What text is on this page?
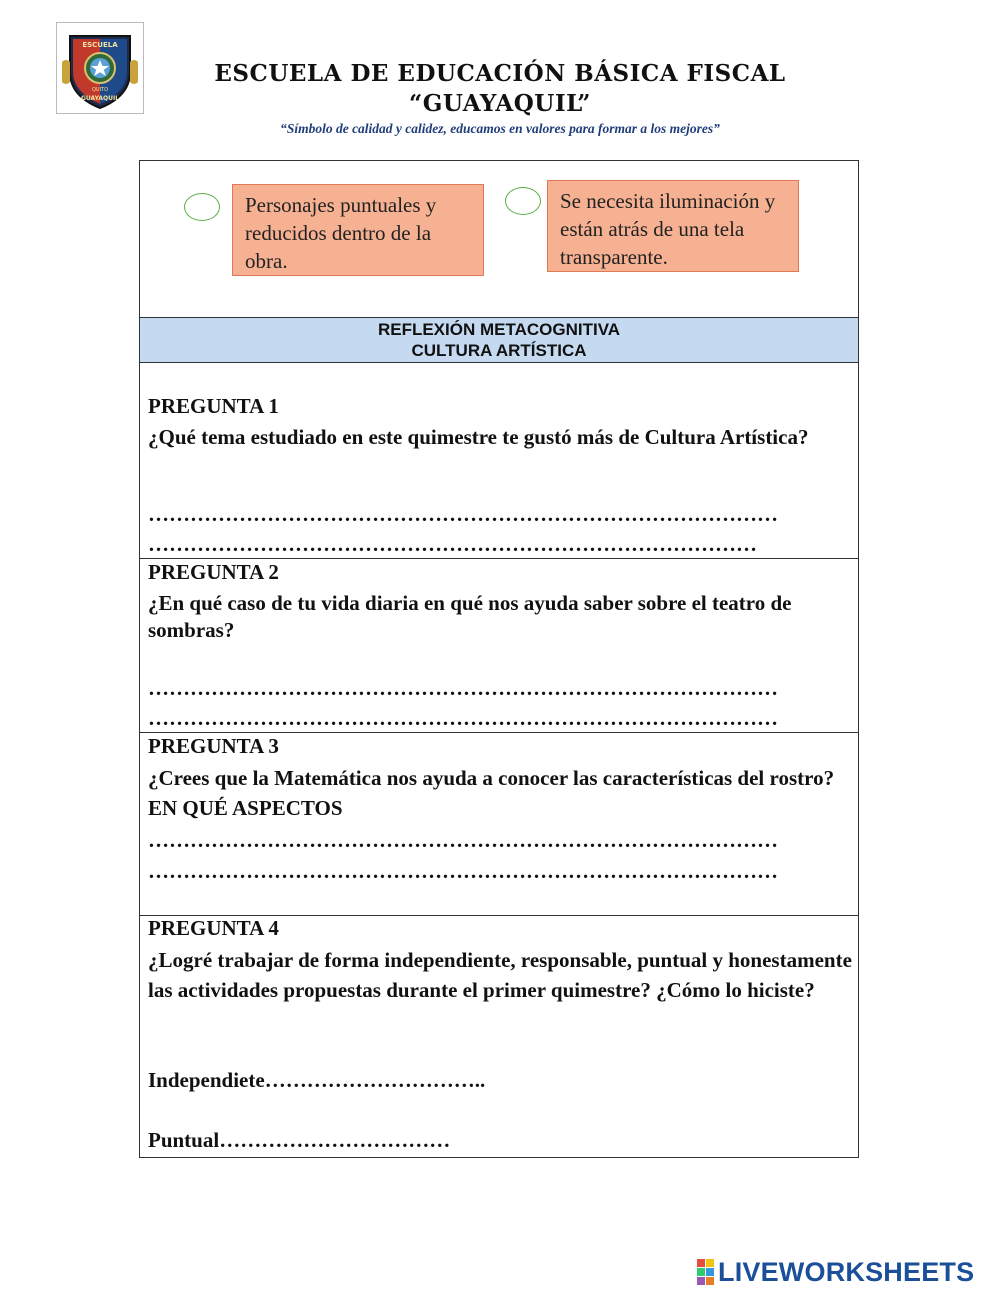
ESCUELA
QUITO
GUAYAQUIL
ESCUELA DE EDUCACIÓN BÁSICA FISCAL
“GUAYAQUIL”
“Símbolo de calidad y calidez, educamos en valores para formar a los mejores”
Personajes puntuales y reducidos dentro de la obra.
Se necesita iluminación y están atrás de una tela transparente.
REFLEXIÓN METACOGNITIVA
CULTURA ARTÍSTICA
PREGUNTA 1
¿Qué tema estudiado en este quimestre te gustó más de Cultura Artística?
………………………………………………………………………………
……………………………………………………………………………
PREGUNTA 2
¿En qué caso de tu vida diaria en qué nos ayuda saber sobre el teatro de sombras?
………………………………………………………………………………
………………………………………………………………………………
PREGUNTA 3
¿Crees que la Matemática nos ayuda a conocer las características del rostro? EN QUÉ ASPECTOS
………………………………………………………………………………
………………………………………………………………………………
PREGUNTA 4
¿Logré trabajar de forma independiente, responsable, puntual y honestamente las actividades propuestas durante el primer quimestre? ¿Cómo lo hiciste?
Independiete…………………………..
Puntual……………………………
LIVEWORKSHEETS
